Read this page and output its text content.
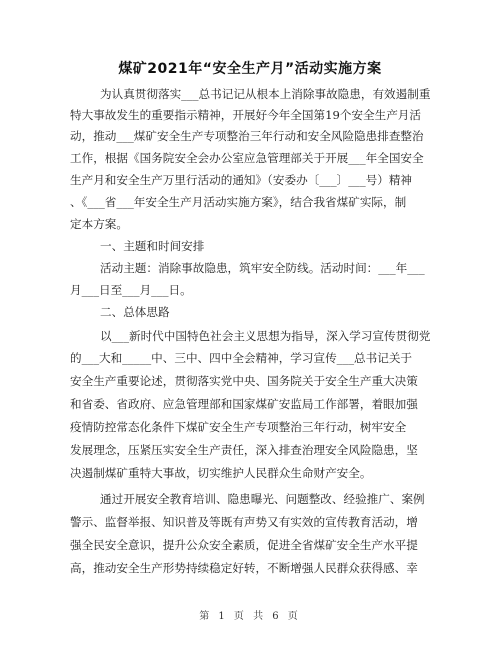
煤矿2021年“安全生产月”活动实施方案
为认真贯彻落实___总书记记从根本上消除事故隐患，有效遏制重
特大事故发生的重要指示精神，开展好今年全国第19个安全生产月活
动，推动___煤矿安全生产专项整治三年行动和安全风险隐患排查整治
工作，根据《国务院安全会办公室应急管理部关于开展___年全国安全
生产月和安全生产万里行活动的通知》（安委办〔___〕___号）精神
、《___省___年安全生产月活动实施方案》，结合我省煤矿实际，制
定本方案。
一、主题和时间安排
活动主题：消除事故隐患，筑牢安全防线。活动时间：___年___
月___日至___月___日。
二、总体思路
以___新时代中国特色社会主义思想为指导，深入学习宣传贯彻党
的___大和_____中、三中、四中全会精神，学习宣传___总书记关于
安全生产重要论述，贯彻落实党中央、国务院关于安全生产重大决策
和省委、省政府、应急管理部和国家煤矿安监局工作部署，着眼加强
疫情防控常态化条件下煤矿安全生产专项整治三年行动，树牢安全
发展理念，压紧压实安全生产责任，深入排查治理安全风险隐患，坚
决遏制煤矿重特大事故，切实维护人民群众生命财产安全。
通过开展安全教育培训、隐患曝光、问题整改、经验推广、案例
警示、监督举报、知识普及等既有声势又有实效的宣传教育活动，增
强全民安全意识，提升公众安全素质，促进全省煤矿安全生产水平提
高，推动安全生产形势持续稳定好转，不断增强人民群众获得感、幸
第 1 页 共 6 页
